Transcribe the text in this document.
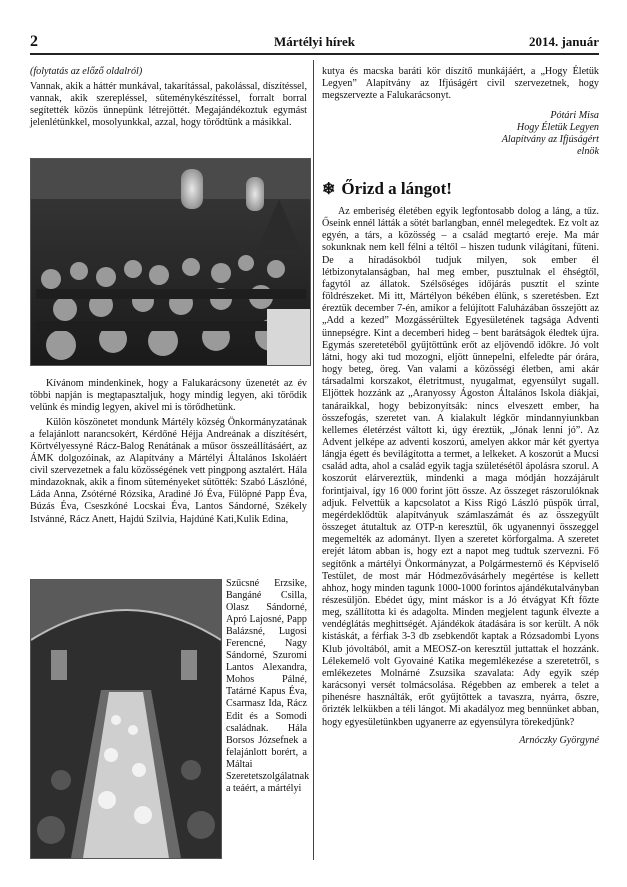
2	Mártélyi hírek	2014. január

(folytatás az előző oldalról)

Vannak, akik a háttér munkával, takarítással, pakolással, díszítéssel, vannak, akik szerepléssel, süteménykészítéssel, forralt borral segítették közös ünnepünk létrejöttét. Megajándékoztuk egymást jelenlétünkkel, mosolyunkkal, azzal, hogy törődtünk a másikkal.

Kívánom mindenkinek, hogy a Falukarácsony üzenetét az év többi napján is megtapasztaljuk, hogy mindig legyen, aki törődik velünk és mindig legyen, akivel mi is törődhetünk.

Külön köszönetet mondunk Mártély község Önkormányzatának a felajánlott narancsokért, Kérdőné Héjja Andreának a díszítésért, Körtvélyessyné Rácz-Balog Renátának a műsor összeállításáért, az ÁMK dolgozóinak, az Alapítvány a Mártélyi Általános Iskoláért civil szervezetnek a falu közösségének vett pingpong asztalért. Hála mindazoknak, akik a finom süteményeket sütötték: Szabó Lászlóné, Láda Anna, Zsótérné Rózsika, Aradiné Jó Éva, Fülöpné Papp Éva, Búzás Éva, Cseszkóné Locskai Éva, Lantos Sándorné, Székely Istvánné, Rácz Anett, Hajdú Szilvia, Hajdúné Kati,Kulik Edina,

Szűcsné Erzsike, Bangáné Csilla, Olasz Sándorné, Apró Lajosné, Papp Balázsné, Lugosi Ferencné, Nagy Sándorné, Szuromi Lantos Alexandra, Mohos Pálné, Tatárné Kapus Éva, Csarmasz Ida, Rácz Edit és a Somodi családnak. Hála Borsos Józsefnek a felajánlott borért, a Máltai Szeretetszolgálatnak a teáért, a mártélyi

kutya és macska baráti kör díszítő munkájáért, a „Hogy Életük Legyen” Alapítvány az Ifjúságért civil szervezetnek, hogy megszervezte a Falukarácsonyt.

Pótári Misa
Hogy Életük Legyen
Alapítvány az Ifjúságért
elnök
❄ Őrizd a lángot!

Az emberiség életében egyik legfontosabb dolog a láng, a tűz. Őseink ennél látták a sötét barlangban, ennél melegedtek. Ez volt az egyén, a társ, a közösség – a család megtartó ereje. Ma már sokunknak nem kell félni a téltől – hiszen tudunk világítani, fűteni. De a híradásokból tudjuk milyen, sok ember él létbizonytalanságban, hal meg ember, pusztulnak el éhségtől, fagytól az állatok. Szélsőséges időjárás pusztít el szinte földrészeket. Mi itt, Mártélyon békében élünk, s szeretésben. Ezt éreztük december 7-én, amikor a felújított Faluházában összejött az „Add a kezed” Mozgássérültek Egyesületének tagsága Adventi ünnepségre. Kint a decemberi hideg – bent barátságok éledtek újra. Egymás szeretetéből gyűjtöttünk erőt az eljövendő időkre. Jó volt látni, hogy aki tud mozogni, eljött ünnepelni, elfeledte pár órára, hogy beteg, öreg. Van valami a közösségi életben, ami akár társadalmi korszakot, életritmust, nyugalmat, egyensúlyt sugall. Eljöttek hozzánk az „Aranyossy Ágoston Általános Iskola diákjai, tanáraikkal, hogy bebizonyítsák: nincs elveszett ember, ha összefogás, szeretet van. A kialakult légkör mindannyiunkban kellemes életérzést váltott ki, úgy éreztük, „Jónak lenni jó”. Az Advent jelképe az adventi koszorú, amelyen akkor már két gyertya lángja égett és bevilágította a termet, a lelkeket. A koszorút a Mucsi család adta, ahol a család egyik tagja születésétől ápolásra szorul. A koszorút elárvereztük, mindenki a maga módján hozzájárult forintjaival, így 16 000 forint jött össze. Az összeget rászorulóknak adjuk. Felvettük a kapcsolatot a Kiss Rigó László püspök úrral, megérdeklődtük alapítványuk számlaszámát és az összegyűlt összeget átutaltuk az OTP-n keresztül, ők ugyanennyi összeggel megemelték az adományt. Ilyen a szeretet körforgalma. A szeretet erejét látom abban is, hogy ezt a napot meg tudtuk szervezni. Fő segítőnk a mártélyi Önkormányzat, a Polgármesternő és Képviselő Testület, de most már Hódmezővásárhely megértése is kellett ahhoz, hogy minden tagunk 1000-1000 forintos ajándékutalványban részesüljön. Ebédet úgy, mint máskor is a Jó étvágyat Kft főzte meg, szállította ki és adagolta. Minden megjelent tagunk élvezte a vendéglátás meghittségét. Ajándékok átadására is sor került. A nők kistáskát, a férfiak 3-3 db zsebkendőt kaptak a Rózsadombi Lyons Klub jóvoltából, amit a MEOSZ-on keresztül juttattak el hozzánk. Lélekemelő volt Gyovainé Katika megemlékezése a szeretetről, s emlékezetes Molnárné Zsuzsika szavalata: Ady egyik szép karácsonyi versét tolmácsolása. Régebben az emberek a telet a pihenésre használták, erőt gyűjtöttek a tavaszra, nyárra, őszre, őrizték lelkükben a téli lángot. Mi akadályoz meg bennünket abban, hogy egyesületünkben ugyanerre az egyensúlyra törekedjünk?

Arnóczky Györgyné
